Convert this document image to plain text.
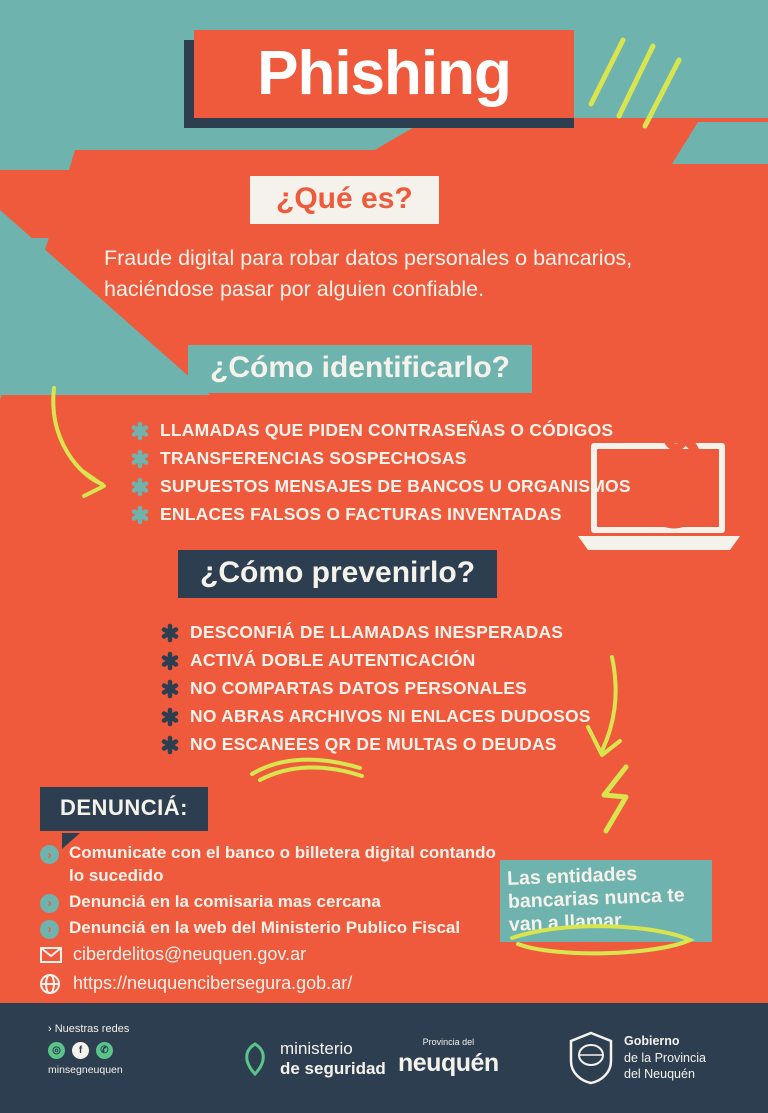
Phishing
¿Qué es?
Fraude digital para robar datos personales o bancarios, haciéndose pasar por alguien confiable.
¿Cómo identificarlo?
LLAMADAS QUE PIDEN CONTRASEÑAS O CÓDIGOS
TRANSFERENCIAS SOSPECHOSAS
SUPUESTOS MENSAJES DE BANCOS U ORGANISMOS
ENLACES FALSOS O FACTURAS INVENTADAS
¿Cómo prevenirlo?
DESCONFIÁ DE LLAMADAS INESPERADAS
ACTIVÁ DOBLE AUTENTICACIÓN
NO COMPARTAS DATOS PERSONALES
NO ABRAS ARCHIVOS NI ENLACES DUDOSOS
NO ESCANEES QR DE MULTAS O DEUDAS
DENUNCIÁ:
›	Comunicate con el banco o billetera digital contando lo sucedido
›	Denunciá en la comisaria mas cercana
›	Denunciá en la web del Ministerio Publico Fiscal
ciberdelitos@neuquen.gov.ar
https://neuquencibersegura.gob.ar/
Las entidades bancarias nunca te van a llamar
› Nuestras redes
◎	f	✆
minsegneuquen
ministerio
de seguridad
Provincia del
neuquén
Gobierno
de la Provincia
del Neuquén
